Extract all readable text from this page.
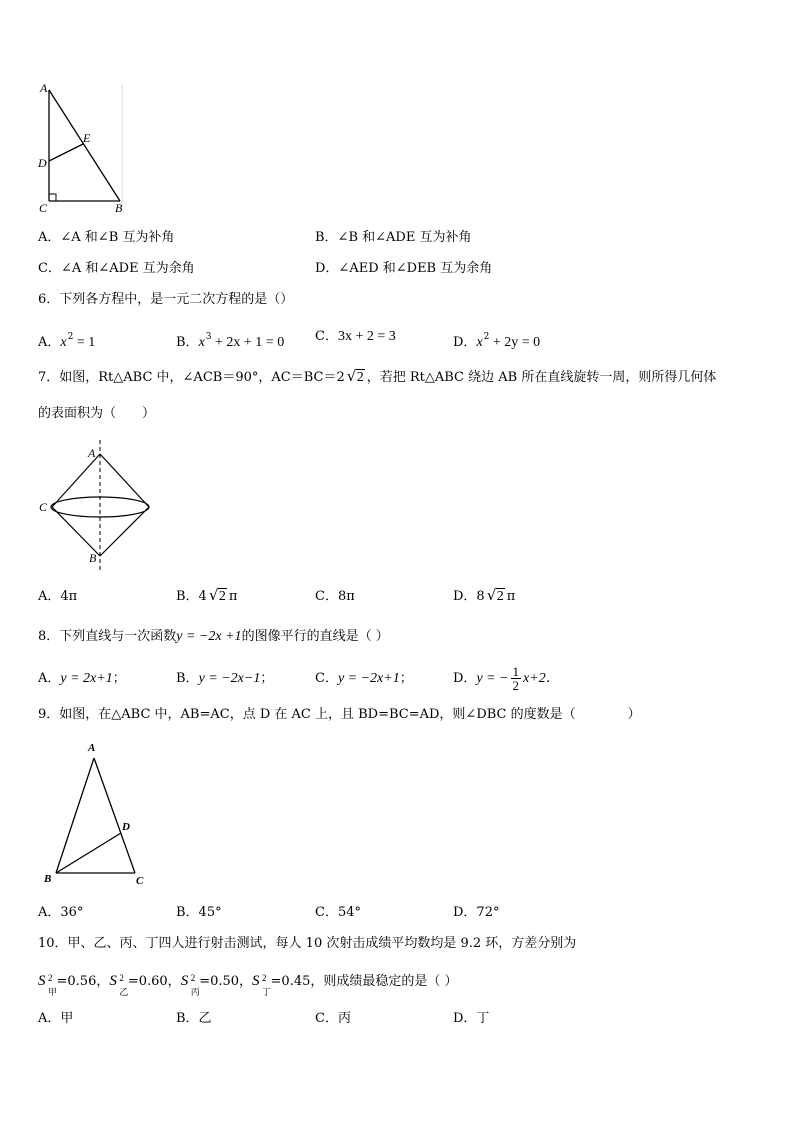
A
E
D
C	B
A．∠A 和∠B 互为补角	B．∠B 和∠ADE 互为补角
C．∠A 和∠ADE 互为余角	D．∠AED 和∠DEB 互为余角
6．下列各方程中，是一元二次方程的是（）
A．$x^2 = 1$	B．$x^3 + 2x + 1 = 0$ C．3x + 2 = 3	D．$x^2 + 2y = 0$
7．如图，Rt△ABC 中，∠ACB＝90°，AC＝BC＝2 √ 2 ，若把 Rt△ABC 绕边 AB 所在直线旋转一周，则所得几何体
的表面积为（　　）
A
C
B
A．4π	B．4 √ 2 π	C．8π	D．8 √ 2 π
8．下列直线与一次函数y = −2x +1的图像平行的直线是（ ）
A．y = 2x+1；	B．y = −2x−1；	C．y = −2x+1；	D．y = − $\frac{1}{2} x+2$．
9．如图，在△ABC 中，AB=AC，点 D 在 AC 上，且 BD=BC=AD，则∠DBC 的度数是（　　　　）
A
D
B	C
A．36°	B．45°	C．54°	D．72°
10．甲、乙、丙、丁四人进行射击测试，每人 10 次射击成绩平均数均是 9.2 环，方差分别为
S 2
甲
=0.56，S 2
乙
=0.60，S 2
丙
=0.50，S 2
丁
=0.45，则成绩最稳定的是（ ）
A．甲	B．乙	C．丙	D．丁
